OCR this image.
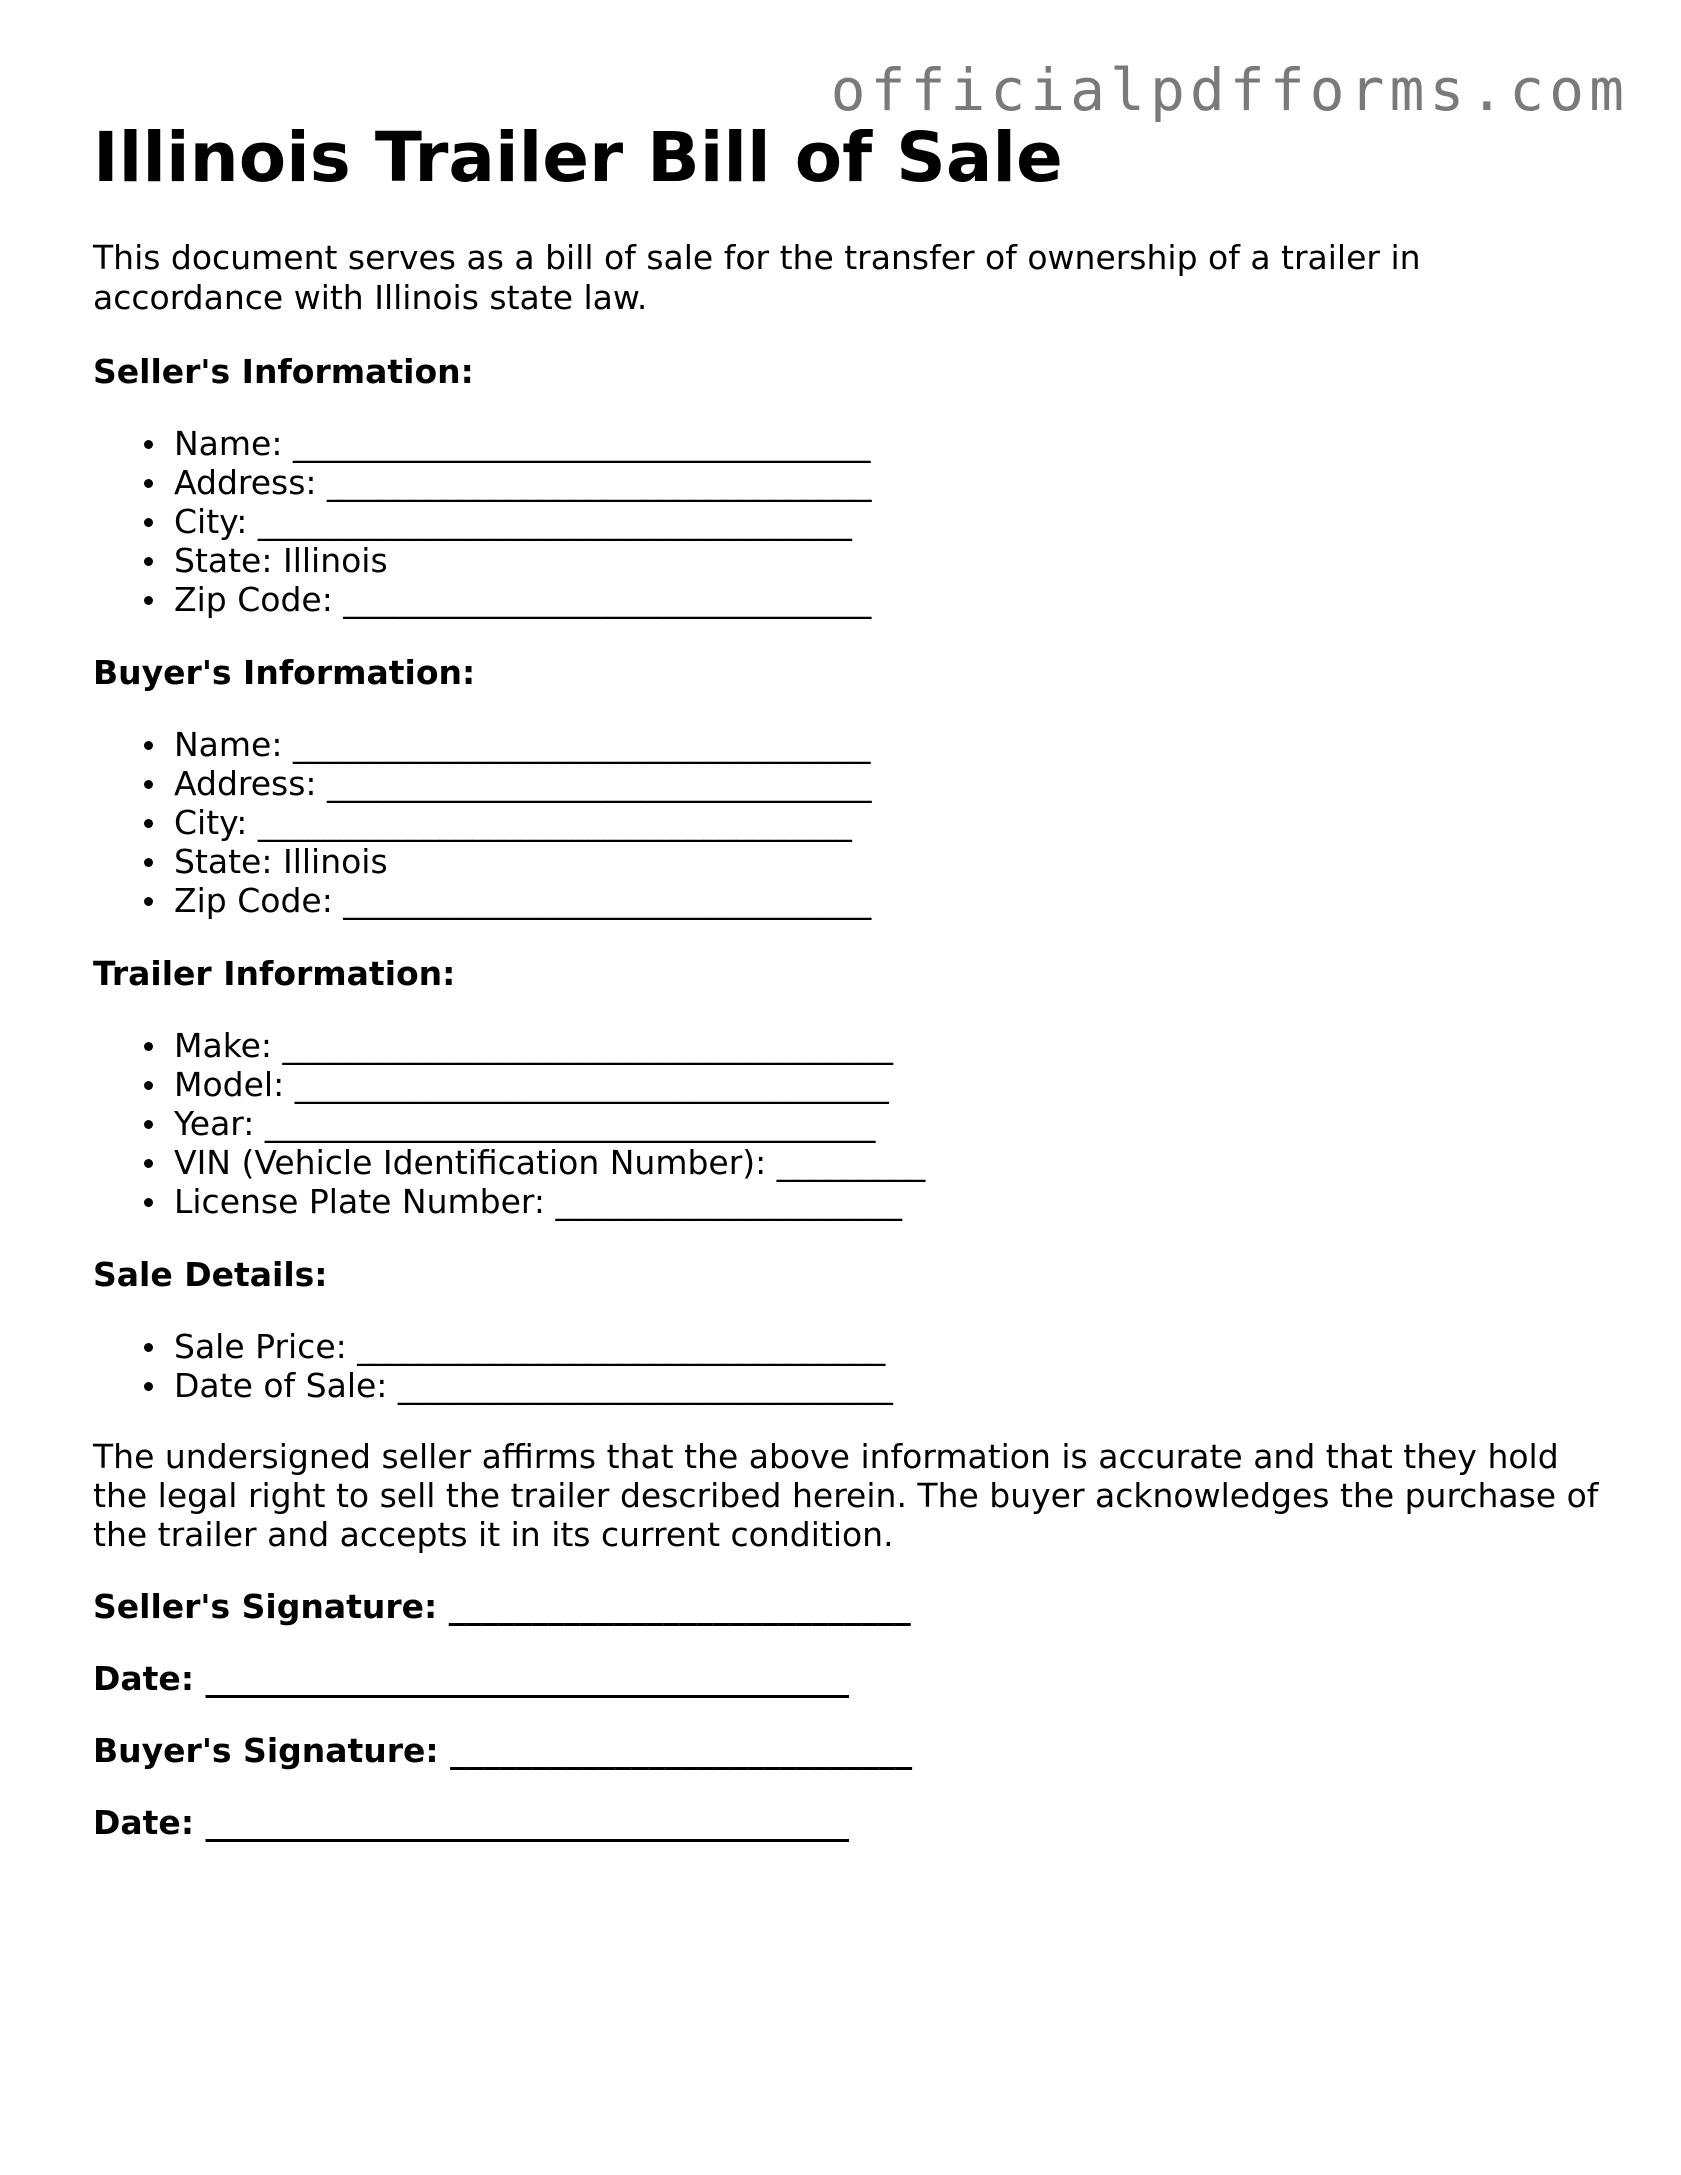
officialpdfforms.com
Illinois Trailer Bill of Sale

This document serves as a bill of sale for the transfer of ownership of a trailer in accordance with Illinois state law.

Seller's Information:
Name: ___________________________________
Address: _________________________________
City: ____________________________________
State: Illinois
Zip Code: ________________________________
Buyer's Information:
Name: ___________________________________
Address: _________________________________
City: ____________________________________
State: Illinois
Zip Code: ________________________________
Trailer Information:
Make: _____________________________________
Model: ____________________________________
Year: _____________________________________
VIN (Vehicle Identification Number): _________
License Plate Number: _____________________
Sale Details:
Sale Price: ________________________________
Date of Sale: ______________________________

The undersigned seller affirms that the above information is accurate and that they hold the legal right to sell the trailer described herein. The buyer acknowledges the purchase of the trailer and accepts it in its current condition.

Seller's Signature: ____________________________
Date: _______________________________________
Buyer's Signature: ____________________________
Date: _______________________________________
